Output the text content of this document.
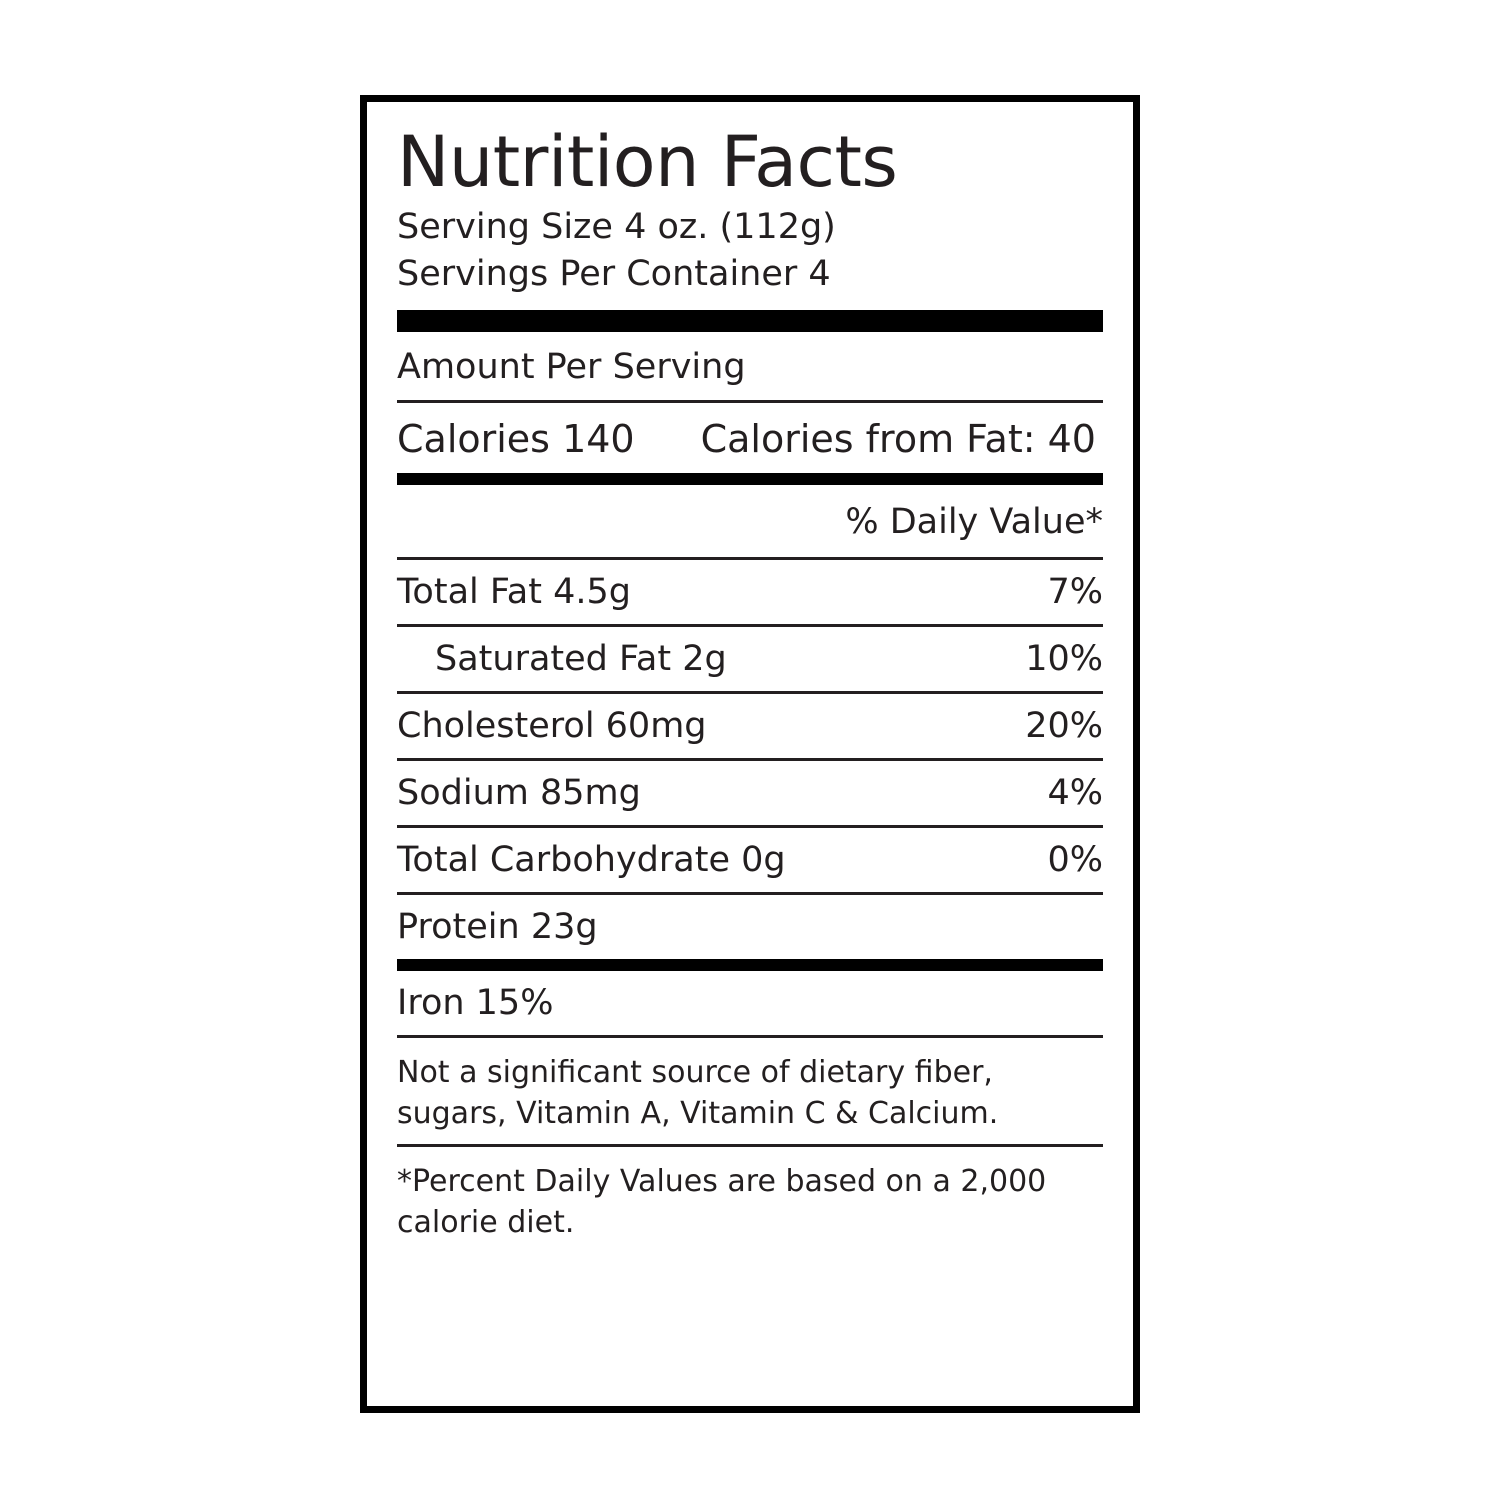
Nutrition Facts
Serving Size 4 oz. (112g)
Servings Per Container 4
Amount Per Serving
Calories 140 Calories from Fat: 40
% Daily Value*
Total Fat 4.5g	7%
Saturated Fat 2g	10%
Cholesterol 60mg	20%
Sodium 85mg	4%
Total Carbohydrate 0g	0%
Protein 23g
Iron 15%
Not a significant source of dietary fiber, sugars, Vitamin A, Vitamin C & Calcium.
*Percent Daily Values are based on a 2,000 calorie diet.
